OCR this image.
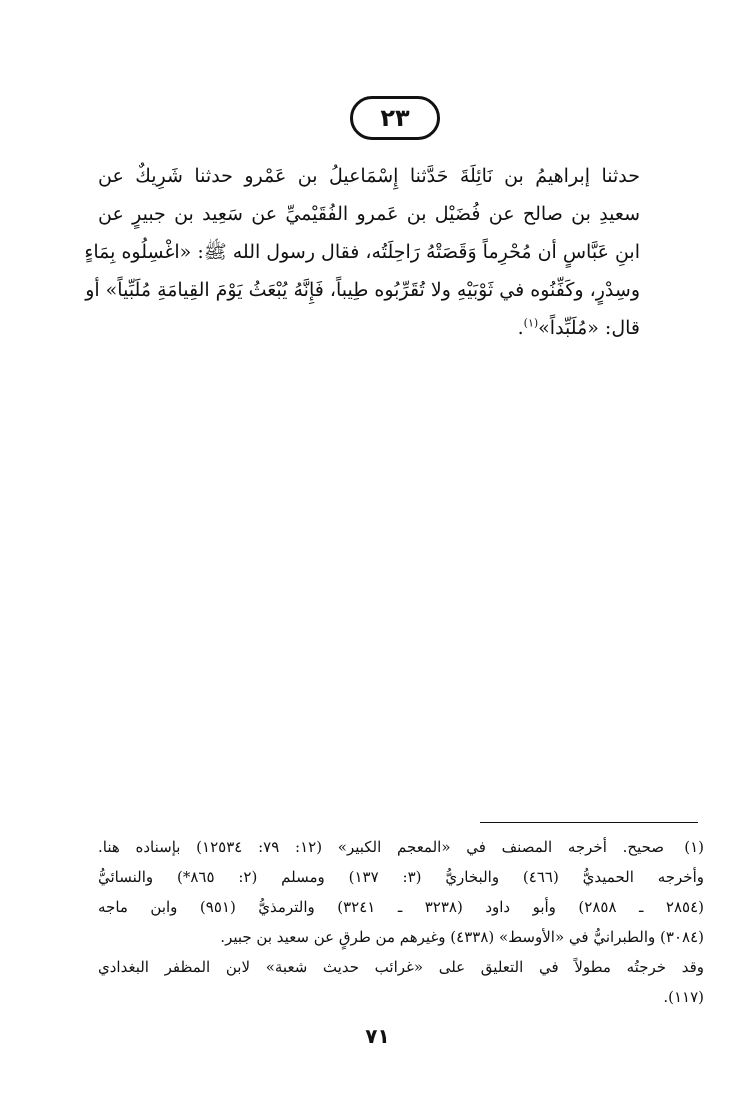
٢٣
حدثنا إبراهيمُ بن نَائِلَةَ حَدَّثنا إِسْمَاعيلُ بن عَمْرو حدثنا شَرِيكٌ عن
سعيدِ بن صالح عن فُضَيْل بن عَمرو الفُقَيْميِّ عن سَعِيد بن جبيرٍ عن
ابنِ عَبَّاسٍ أن مُحْرِماً وَقَصَتْهُ رَاحِلَتُه، فقال رسول الله ﷺ: «اغْسِلُوه بِمَاءٍ
وسِدْرٍ، وكَفِّنُوه في ثَوْبَيْهِ ولا تُقَرِّبُوه طِيباً، فَإِنَّهُ يُبْعَثُ يَوْمَ القِيامَةِ مُلَبِّياً» أو
قال: «مُلَبِّداً»$^{(١)}$.
(١)
صحيح. أخرجه المصنف في «المعجم الكبير» (١٢: ٧٩: ١٢٥٣٤) بإسناده هنا.
وأخرجه الحميديُّ (٤٦٦) والبخاريُّ (٣: ١٣٧) ومسلم (٢: ٨٦٥*) والنسائيُّ
(٢٨٥٤ ـ ٢٨٥٨) وأبو داود (٣٢٣٨ ـ ٣٢٤١) والترمذيُّ (٩٥١) وابن ماجه
(٣٠٨٤) والطبرانيُّ في «الأوسط» (٤٣٣٨) وغيرهم من طرقٍ عن سعيد بن جبير.
وقد خرجتُه مطولاً في التعليق على «غرائب حديث شعبة» لابن المظفر البغدادي
(١١٧).
٧١
